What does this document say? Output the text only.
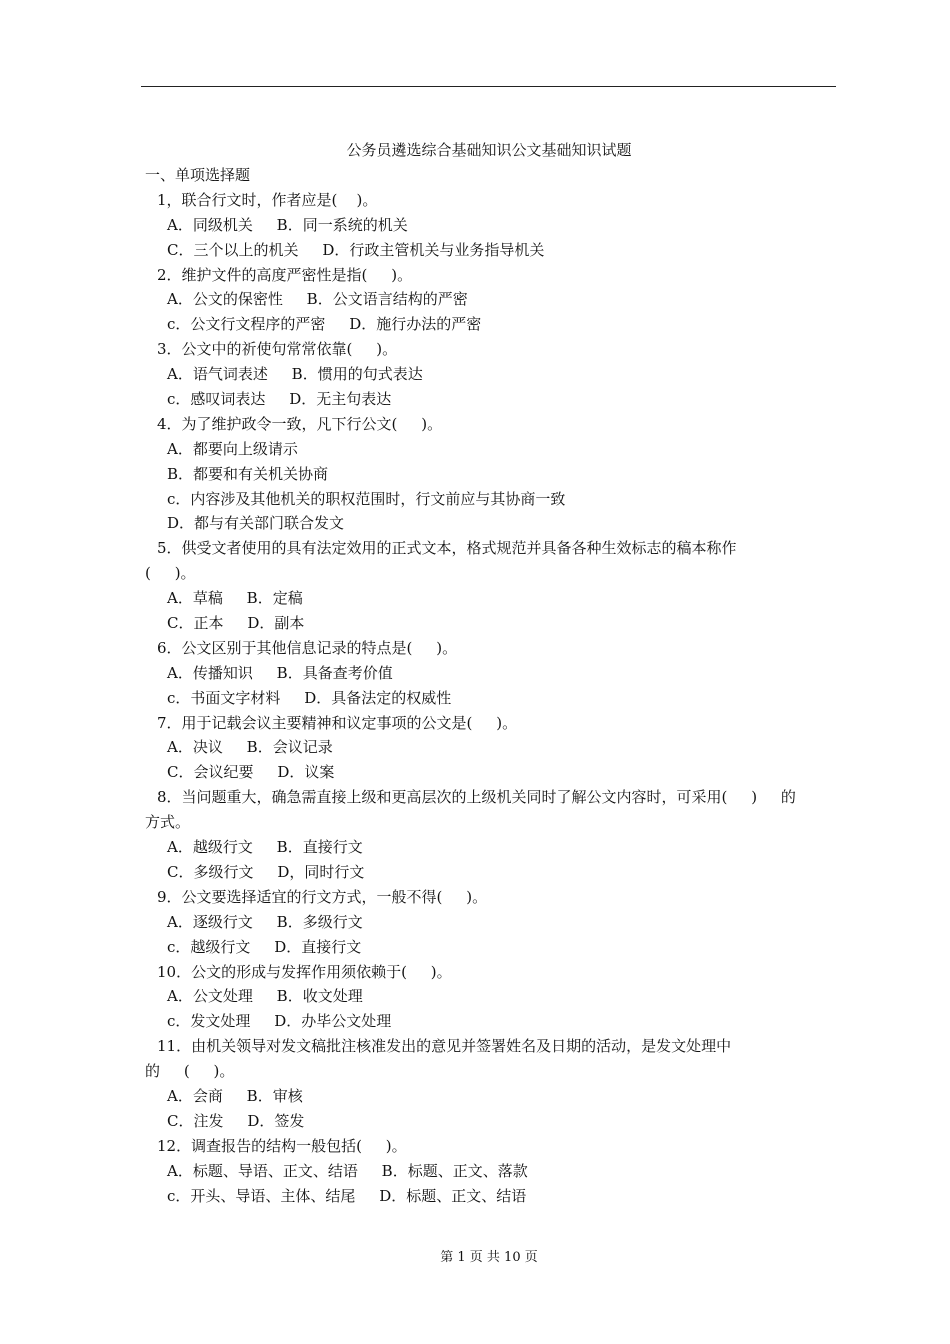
公务员遴选综合基础知识公文基础知识试题
一、单项选择题
1，联合行文时，作者应是(    )。
A．同级机关     B．同一系统的机关
C．三个以上的机关     D．行政主管机关与业务指导机关
2．维护文件的高度严密性是指(     )。
A．公文的保密性     B．公文语言结构的严密
c．公文行文程序的严密     D．施行办法的严密
3．公文中的祈使句常常依靠(     )。
A．语气词表述     B．惯用的句式表达
c．感叹词表达     D．无主句表达
4．为了维护政令一致，凡下行公文(     )。
A．都要向上级请示
B．都要和有关机关协商
c．内容涉及其他机关的职权范围时，行文前应与其协商一致
D．都与有关部门联合发文
5．供受文者使用的具有法定效用的正式文本，格式规范并具备各种生效标志的稿本称作
(     )。
A．草稿     B．定稿
C．正本     D．副本
6．公文区别于其他信息记录的特点是(     )。
A．传播知识     B．具备查考价值
c．书面文字材料     D．具备法定的权威性
7．用于记载会议主要精神和议定事项的公文是(     )。
A．决议     B．会议记录
C．会议纪要     D．议案
8．当问题重大，确急需直接上级和更高层次的上级机关同时了解公文内容时，可采用(     )     的
方式。
A．越级行文     B．直接行文
C．多级行文     D，同时行文
9．公文要选择适宜的行文方式，一般不得(     )。
A．逐级行文     B．多级行文
c．越级行文     D．直接行文
10．公文的形成与发挥作用须依赖于(     )。
A．公文处理     B．收文处理
c．发文处理     D．办毕公文处理
11．由机关领导对发文稿批注核准发出的意见并签署姓名及日期的活动，是发文处理中
的     (     )。
A．会商     B．审核
C．注发     D．签发
12．调查报告的结构一般包括(     )。
A．标题、导语、正文、结语     B．标题、正文、落款
c．开头、导语、主体、结尾     D．标题、正文、结语
第 1 页 共 10 页
